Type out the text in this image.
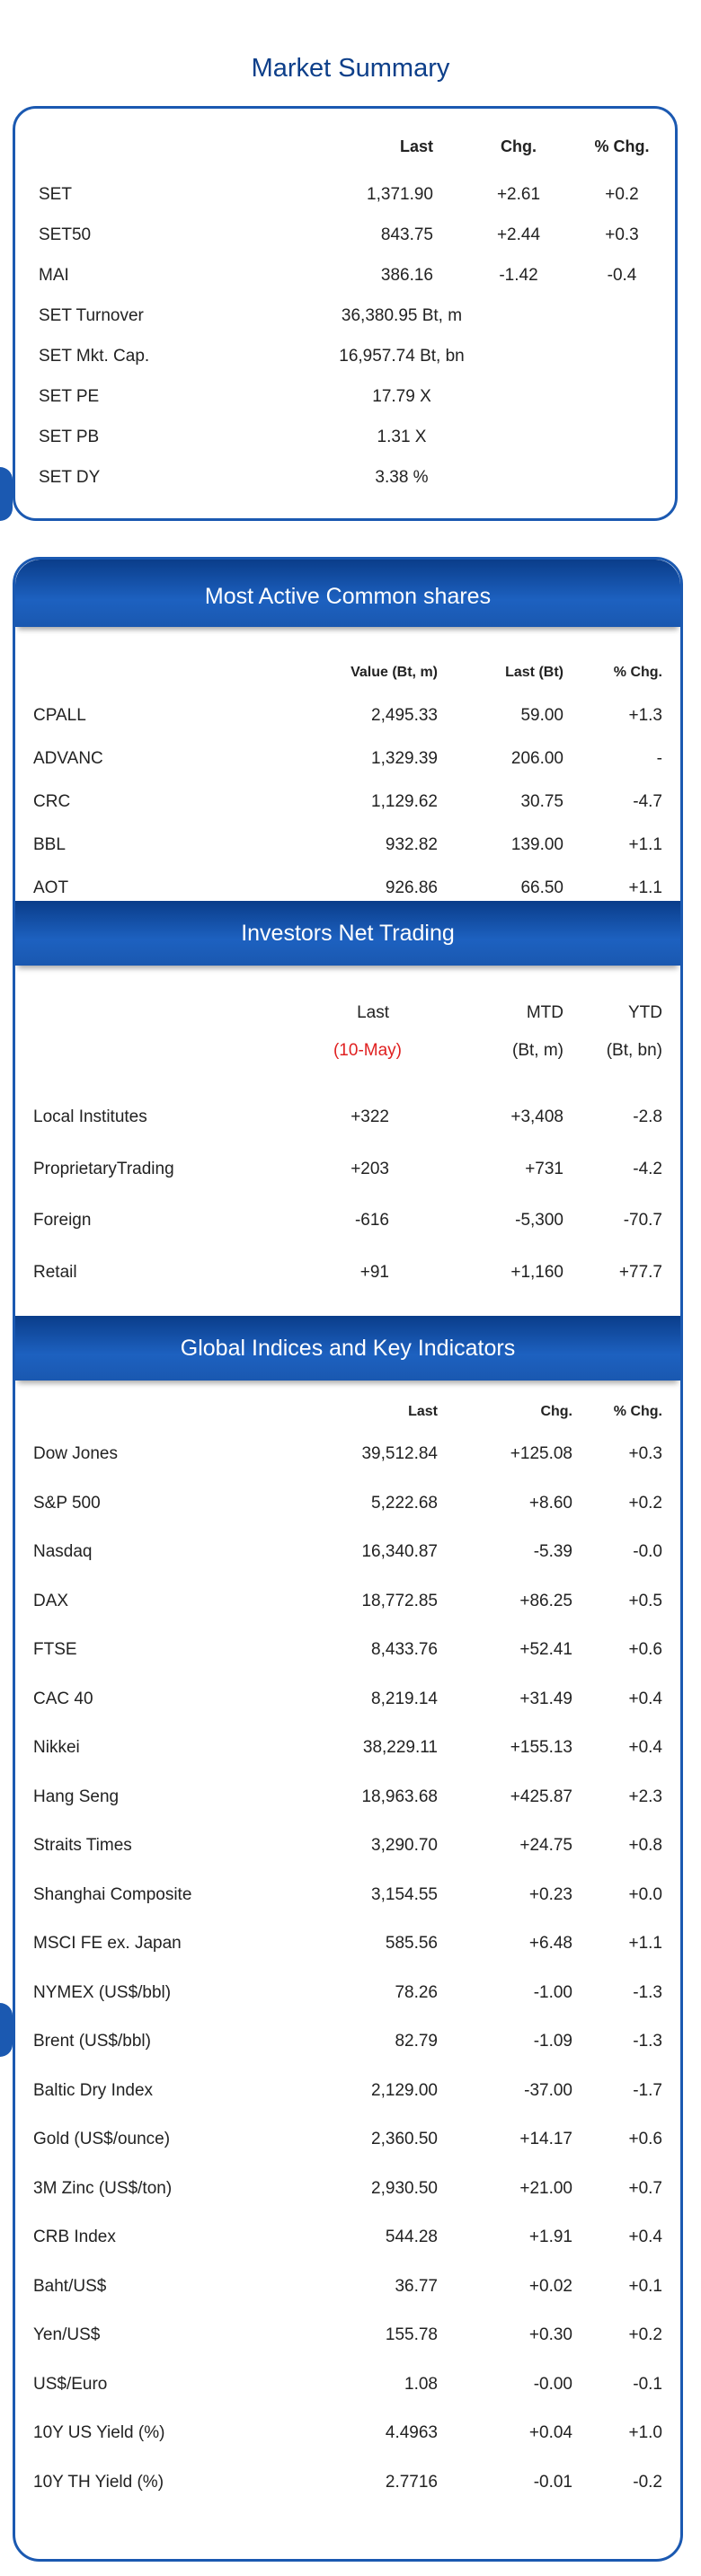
Market Summary
Last	Chg.	% Chg.
SET	1,371.90	+2.61	+0.2
SET50	843.75	+2.44	+0.3
MAI	386.16	-1.42	-0.4
SET Turnover	36,380.95 Bt, m
SET Mkt. Cap.	16,957.74 Bt, bn
SET PE	17.79 X
SET PB	1.31 X
SET DY	3.38 %
Most Active Common shares
Value (Bt, m)	Last (Bt)	% Chg.
CPALL	2,495.33	59.00	+1.3
ADVANC	1,329.39	206.00	-
CRC	1,129.62	30.75	-4.7
BBL	932.82	139.00	+1.1
AOT	926.86	66.50	+1.1
Investors Net Trading
Last	MTD	YTD
(10-May)	(Bt, m)	(Bt, bn)
Local Institutes	+322	+3,408	-2.8
ProprietaryTrading	+203	+731	-4.2
Foreign	-616	-5,300	-70.7
Retail	+91	+1,160	+77.7
Global Indices and Key Indicators
Last	Chg.	% Chg.
Dow Jones	39,512.84	+125.08	+0.3
S&P 500	5,222.68	+8.60	+0.2
Nasdaq	16,340.87	-5.39	-0.0
DAX	18,772.85	+86.25	+0.5
FTSE	8,433.76	+52.41	+0.6
CAC 40	8,219.14	+31.49	+0.4
Nikkei	38,229.11	+155.13	+0.4
Hang Seng	18,963.68	+425.87	+2.3
Straits Times	3,290.70	+24.75	+0.8
Shanghai Composite	3,154.55	+0.23	+0.0
MSCI FE ex. Japan	585.56	+6.48	+1.1
NYMEX (US$/bbl)	78.26	-1.00	-1.3
Brent (US$/bbl)	82.79	-1.09	-1.3
Baltic Dry Index	2,129.00	-37.00	-1.7
Gold (US$/ounce)	2,360.50	+14.17	+0.6
3M Zinc (US$/ton)	2,930.50	+21.00	+0.7
CRB Index	544.28	+1.91	+0.4
Baht/US$	36.77	+0.02	+0.1
Yen/US$	155.78	+0.30	+0.2
US$/Euro	1.08	-0.00	-0.1
10Y US Yield (%)	4.4963	+0.04	+1.0
10Y TH Yield (%)	2.7716	-0.01	-0.2
